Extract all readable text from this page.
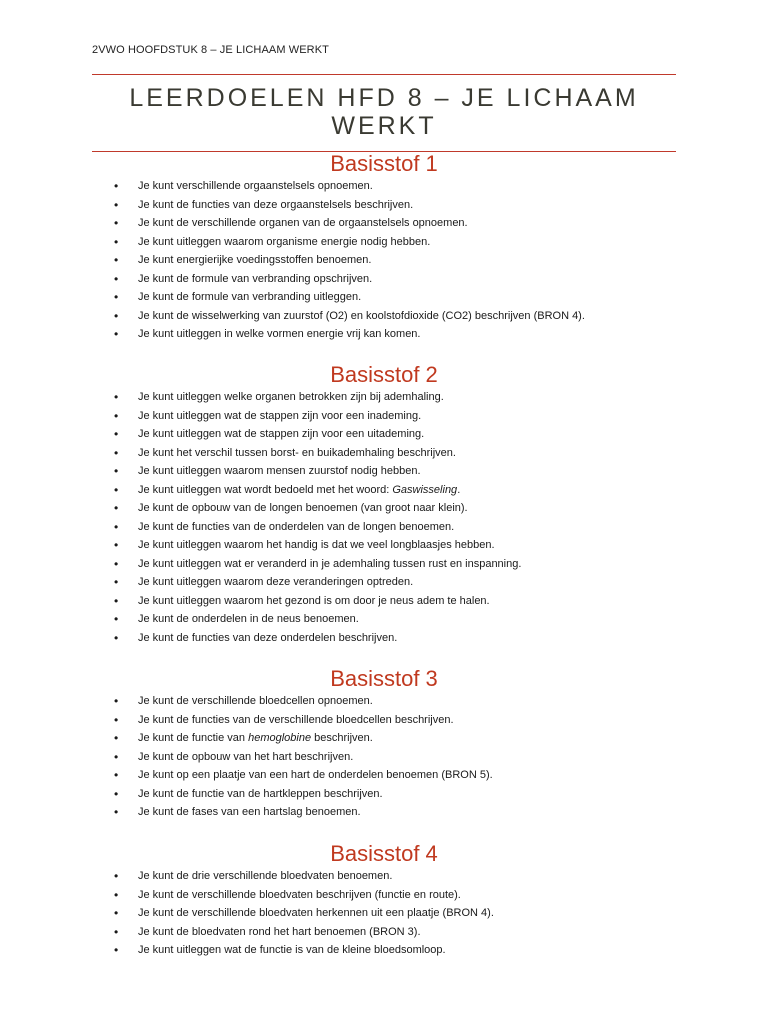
2VWO HOOFDSTUK 8 – JE LICHAAM WERKT
LEERDOELEN HFD 8 – JE LICHAAM
WERKT
Basisstof 1
• Je kunt verschillende orgaanstelsels opnoemen.
• Je kunt de functies van deze orgaanstelsels beschrijven.
• Je kunt de verschillende organen van de orgaanstelsels opnoemen.
• Je kunt uitleggen waarom organisme energie nodig hebben.
• Je kunt energierijke voedingsstoffen benoemen.
• Je kunt de formule van verbranding opschrijven.
• Je kunt de formule van verbranding uitleggen.
• Je kunt de wisselwerking van zuurstof (O2) en koolstofdioxide (CO2) beschrijven (BRON 4).
• Je kunt uitleggen in welke vormen energie vrij kan komen.
Basisstof 2
• Je kunt uitleggen welke organen betrokken zijn bij ademhaling.
• Je kunt uitleggen wat de stappen zijn voor een inademing.
• Je kunt uitleggen wat de stappen zijn voor een uitademing.
• Je kunt het verschil tussen borst- en buikademhaling beschrijven.
• Je kunt uitleggen waarom mensen zuurstof nodig hebben.
• Je kunt uitleggen wat wordt bedoeld met het woord: Gaswisseling.
• Je kunt de opbouw van de longen benoemen (van groot naar klein).
• Je kunt de functies van de onderdelen van de longen benoemen.
• Je kunt uitleggen waarom het handig is dat we veel longblaasjes hebben.
• Je kunt uitleggen wat er veranderd in je ademhaling tussen rust en inspanning.
• Je kunt uitleggen waarom deze veranderingen optreden.
• Je kunt uitleggen waarom het gezond is om door je neus adem te halen.
• Je kunt de onderdelen in de neus benoemen.
• Je kunt de functies van deze onderdelen beschrijven.
Basisstof 3
• Je kunt de verschillende bloedcellen opnoemen.
• Je kunt de functies van de verschillende bloedcellen beschrijven.
• Je kunt de functie van hemoglobine beschrijven.
• Je kunt de opbouw van het hart beschrijven.
• Je kunt op een plaatje van een hart de onderdelen benoemen (BRON 5).
• Je kunt de functie van de hartkleppen beschrijven.
• Je kunt de fases van een hartslag benoemen.
Basisstof 4
• Je kunt de drie verschillende bloedvaten benoemen.
• Je kunt de verschillende bloedvaten beschrijven (functie en route).
• Je kunt de verschillende bloedvaten herkennen uit een plaatje (BRON 4).
• Je kunt de bloedvaten rond het hart benoemen (BRON 3).
• Je kunt uitleggen wat de functie is van de kleine bloedsomloop.
